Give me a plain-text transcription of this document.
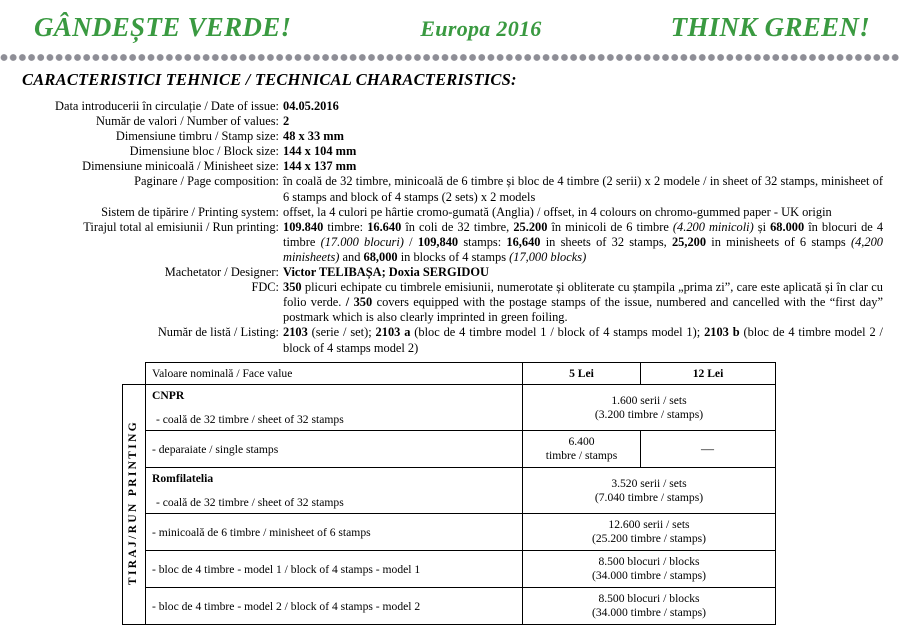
GÂNDEȘTE VERDE!	Europa 2016	THINK GREEN!
CARACTERISTICI TEHNICE / TECHNICAL CHARACTERISTICS:
Data introducerii în circulație / Date of issue: 04.05.2016
Număr de valori / Number of values: 2
Dimensiune timbru / Stamp size: 48 x 33 mm
Dimensiune bloc / Block size: 144 x 104 mm
Dimensiune minicoală / Minisheet size: 144 x 137 mm
Paginare / Page composition: în coală de 32 timbre, minicoală de 6 timbre și bloc de 4 timbre (2 serii) x 2 modele / in sheet of 32 stamps, minisheet of 6 stamps and block of 4 stamps (2 sets) x 2 models
Sistem de tipărire / Printing system: offset, la 4 culori pe hârtie cromo-gumată (Anglia) / offset, in 4 colours on chromo-gummed paper - UK origin
Tirajul total al emisiunii / Run printing: 109.840 timbre: 16.640 în coli de 32 timbre, 25.200 în minicoli de 6 timbre (4.200 minicoli) și 68.000 în blocuri de 4 timbre (17.000 blocuri) / 109,840 stamps: 16,640 in sheets of 32 stamps, 25,200 in minisheets of 6 stamps (4,200 minisheets) and 68,000 in blocks of 4 stamps (17,000 blocks)
Machetator / Designer: Victor TELIBAȘA; Doxia SERGIDOU
FDC: 350 plicuri echipate cu timbrele emisiunii, numerotate și obliterate cu ștampila „prima zi”, care este aplicată și în clar cu folio verde. / 350 covers equipped with the postage stamps of the issue, numbered and cancelled with the “first day” postmark which is also clearly imprinted in green foiling.
Număr de listă / Listing: 2103 (serie / set); 2103 a (bloc de 4 timbre model 1 / block of 4 stamps model 1); 2103 b (bloc de 4 timbre model 2 / block of 4 stamps model 2)
	Valoare nominală / Face value	5 Lei	12 Lei
TIRAJ/RUN PRINTING	CNPR
- coală de 32 timbre / sheet of 32 stamps	1.600 serii / sets
(3.200 timbre / stamps)	
	- deparaiate / single stamps	6.400
timbre / stamps	—

	Romfilatelia
- coală de 32 timbre / sheet of 32 stamps	3.520 serii / sets
(7.040 timbre / stamps)	
	- minicoală de 6 timbre / minisheet of 6 stamps	12.600 serii / sets
(25.200 timbre / stamps)	
	- bloc de 4 timbre - model 1 / block of 4 stamps - model 1	8.500 blocuri / blocks
(34.000 timbre / stamps)	
	- bloc de 4 timbre - model 2 / block of 4 stamps - model 2	8.500 blocuri / blocks
(34.000 timbre / stamps)	
